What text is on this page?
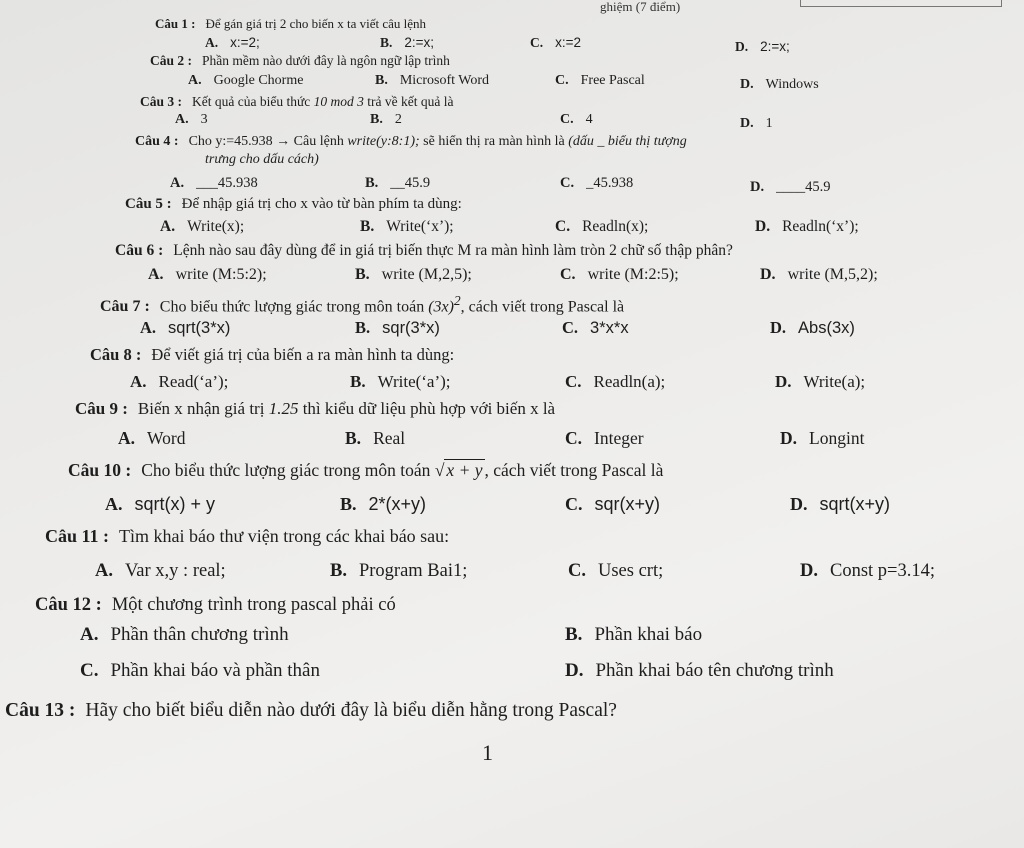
ghiệm (7 điểm)
Câu 1 : Để gán giá trị 2 cho biến x ta viết câu lệnh
A. x:=2;	B. 2:=x;	C. x:=2	D. 2:=x;
Câu 2 : Phần mềm nào dưới đây là ngôn ngữ lập trình
A. Google Chorme	B. Microsoft Word	C. Free Pascal	D. Windows
Câu 3 : Kết quả của biểu thức 10 mod 3 trả về kết quả là
A. 3	B. 2	C. 4	D. 1
Câu 4 : Cho y:=45.938 → Câu lệnh write(y:8:1); sẽ hiển thị ra màn hình là (dấu _ biểu thị tượng
trưng cho dấu cách)
A. ___45.938	B. __45.9	C. _45.938	D. ____45.9
Câu 5 : Để nhập giá trị cho x vào từ bàn phím ta dùng:
A. Write(x);	B. Write(‘x’);	C. Readln(x);	D. Readln(‘x’);
Câu 6 : Lệnh nào sau đây dùng để in giá trị biến thực M ra màn hình làm tròn 2 chữ số thập phân?
A. write (M:5:2);	B. write (M,2,5);	C. write (M:2:5);	D. write (M,5,2);
Câu 7 : Cho biểu thức lượng giác trong môn toán $(3x)^2$, cách viết trong Pascal là
A. sqrt(3*x)	B. sqr(3*x)	C. 3*x*x	D. Abs(3x)
Câu 8 : Để viết giá trị của biến a ra màn hình ta dùng:
A. Read(‘a’);	B. Write(‘a’);	C. Readln(a);	D. Write(a);
Câu 9 : Biến x nhận giá trị 1.25 thì kiểu dữ liệu phù hợp với biến x là
A. Word	B. Real	C. Integer	D. Longint
Câu 10 : Cho biểu thức lượng giác trong môn toán √ x + y , cách viết trong Pascal là
A. sqrt(x) + y	B. 2*(x+y)	C. sqr(x+y)	D. sqrt(x+y)
Câu 11 : Tìm khai báo thư viện trong các khai báo sau:
A. Var x,y : real;	B. Program Bai1;	C. Uses crt;	D. Const p=3.14;
Câu 12 : Một chương trình trong pascal phải có
A. Phần thân chương trình	B. Phần khai báo
C. Phần khai báo và phần thân	D. Phần khai báo tên chương trình
Câu 13 : Hãy cho biết biểu diễn nào dưới đây là biểu diễn hằng trong Pascal?
1
